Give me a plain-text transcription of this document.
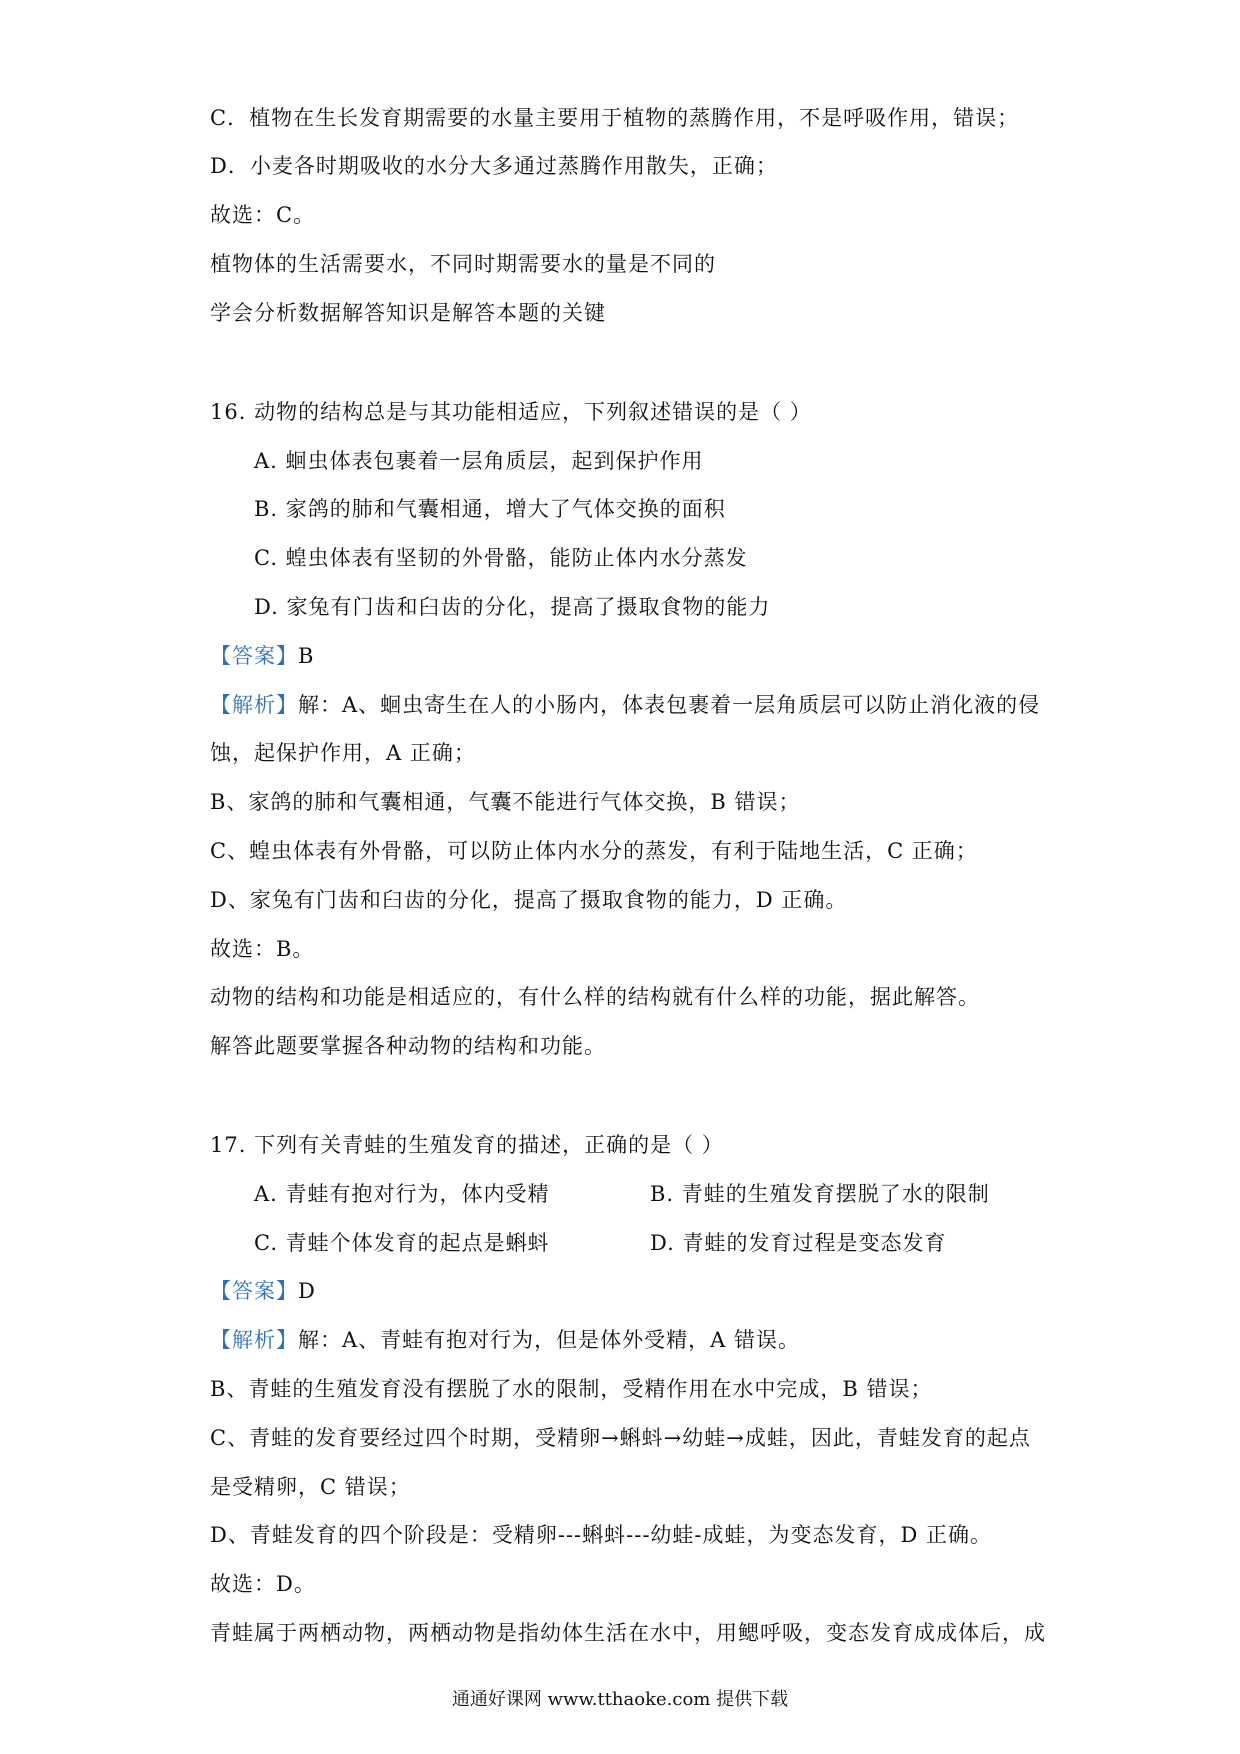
C．植物在生长发育期需要的水量主要用于植物的蒸腾作用，不是呼吸作用，错误；
D．小麦各时期吸收的水分大多通过蒸腾作用散失，正确；
故选：C。
植物体的生活需要水，不同时期需要水的量是不同的
学会分析数据解答知识是解答本题的关键
16. 动物的结构总是与其功能相适应，下列叙述错误的是（ ）
A. 蛔虫体表包裹着一层角质层，起到保护作用
B. 家鸽的肺和气囊相通，增大了气体交换的面积
C. 蝗虫体表有坚韧的外骨骼，能防止体内水分蒸发
D. 家兔有门齿和臼齿的分化，提高了摄取食物的能力
【答案】B
【解析】解：A、蛔虫寄生在人的小肠内，体表包裹着一层角质层可以防止消化液的侵
蚀，起保护作用，A 正确；
B、家鸽的肺和气囊相通，气囊不能进行气体交换，B 错误；
C、蝗虫体表有外骨骼，可以防止体内水分的蒸发，有利于陆地生活，C 正确；
D、家兔有门齿和臼齿的分化，提高了摄取食物的能力，D 正确。
故选：B。
动物的结构和功能是相适应的，有什么样的结构就有什么样的功能，据此解答。
解答此题要掌握各种动物的结构和功能。
17. 下列有关青蛙的生殖发育的描述，正确的是（ ）
A. 青蛙有抱对行为，体内受精	B. 青蛙的生殖发育摆脱了水的限制
C. 青蛙个体发育的起点是蝌蚪	D. 青蛙的发育过程是变态发育
【答案】D
【解析】解：A、青蛙有抱对行为，但是体外受精，A 错误。
B、青蛙的生殖发育没有摆脱了水的限制，受精作用在水中完成，B 错误；
C、青蛙的发育要经过四个时期，受精卵→蝌蚪→幼蛙→成蛙，因此，青蛙发育的起点
是受精卵，C 错误；
D、青蛙发育的四个阶段是：受精卵---蝌蚪---幼蛙-成蛙，为变态发育，D 正确。
故选：D。
青蛙属于两栖动物，两栖动物是指幼体生活在水中，用鳃呼吸，变态发育成成体后，成
通通好课网 www.tthaoke.com 提供下载
